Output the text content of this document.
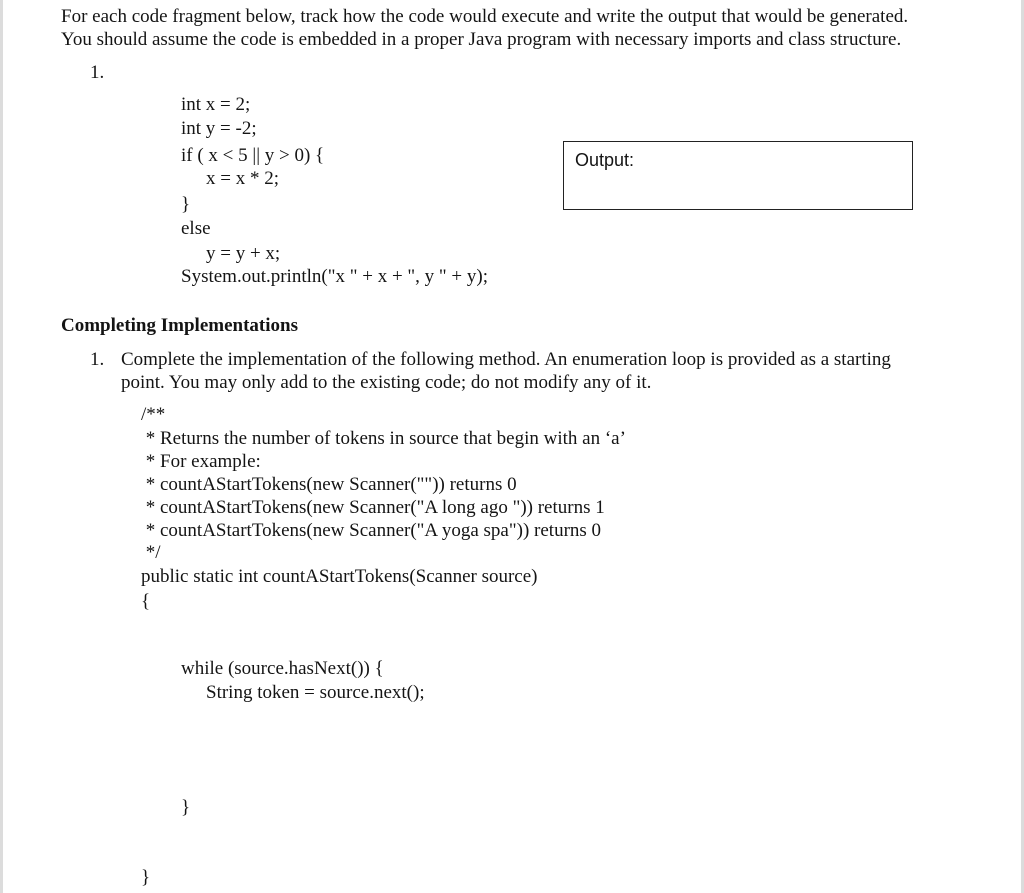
For each code fragment below, track how the code would execute and write the output that would be generated.
You should assume the code is embedded in a proper Java program with necessary imports and class structure.
1.
int x = 2;
int y = -2;
if ( x < 5 || y > 0) {
x = x * 2;
}
else
y = y + x;
System.out.println("x " + x + ", y " + y);
Output:
Completing Implementations
1. Complete the implementation of the following method. An enumeration loop is provided as a starting
point. You may only add to the existing code; do not modify any of it.
/**
* Returns the number of tokens in source that begin with an ‘a’
* For example:
* countAStartTokens(new Scanner("")) returns 0
* countAStartTokens(new Scanner("A long ago ")) returns 1
* countAStartTokens(new Scanner("A yoga spa")) returns 0
*/
public static int countAStartTokens(Scanner source)
{
while (source.hasNext()) {
String token = source.next();
}
}
